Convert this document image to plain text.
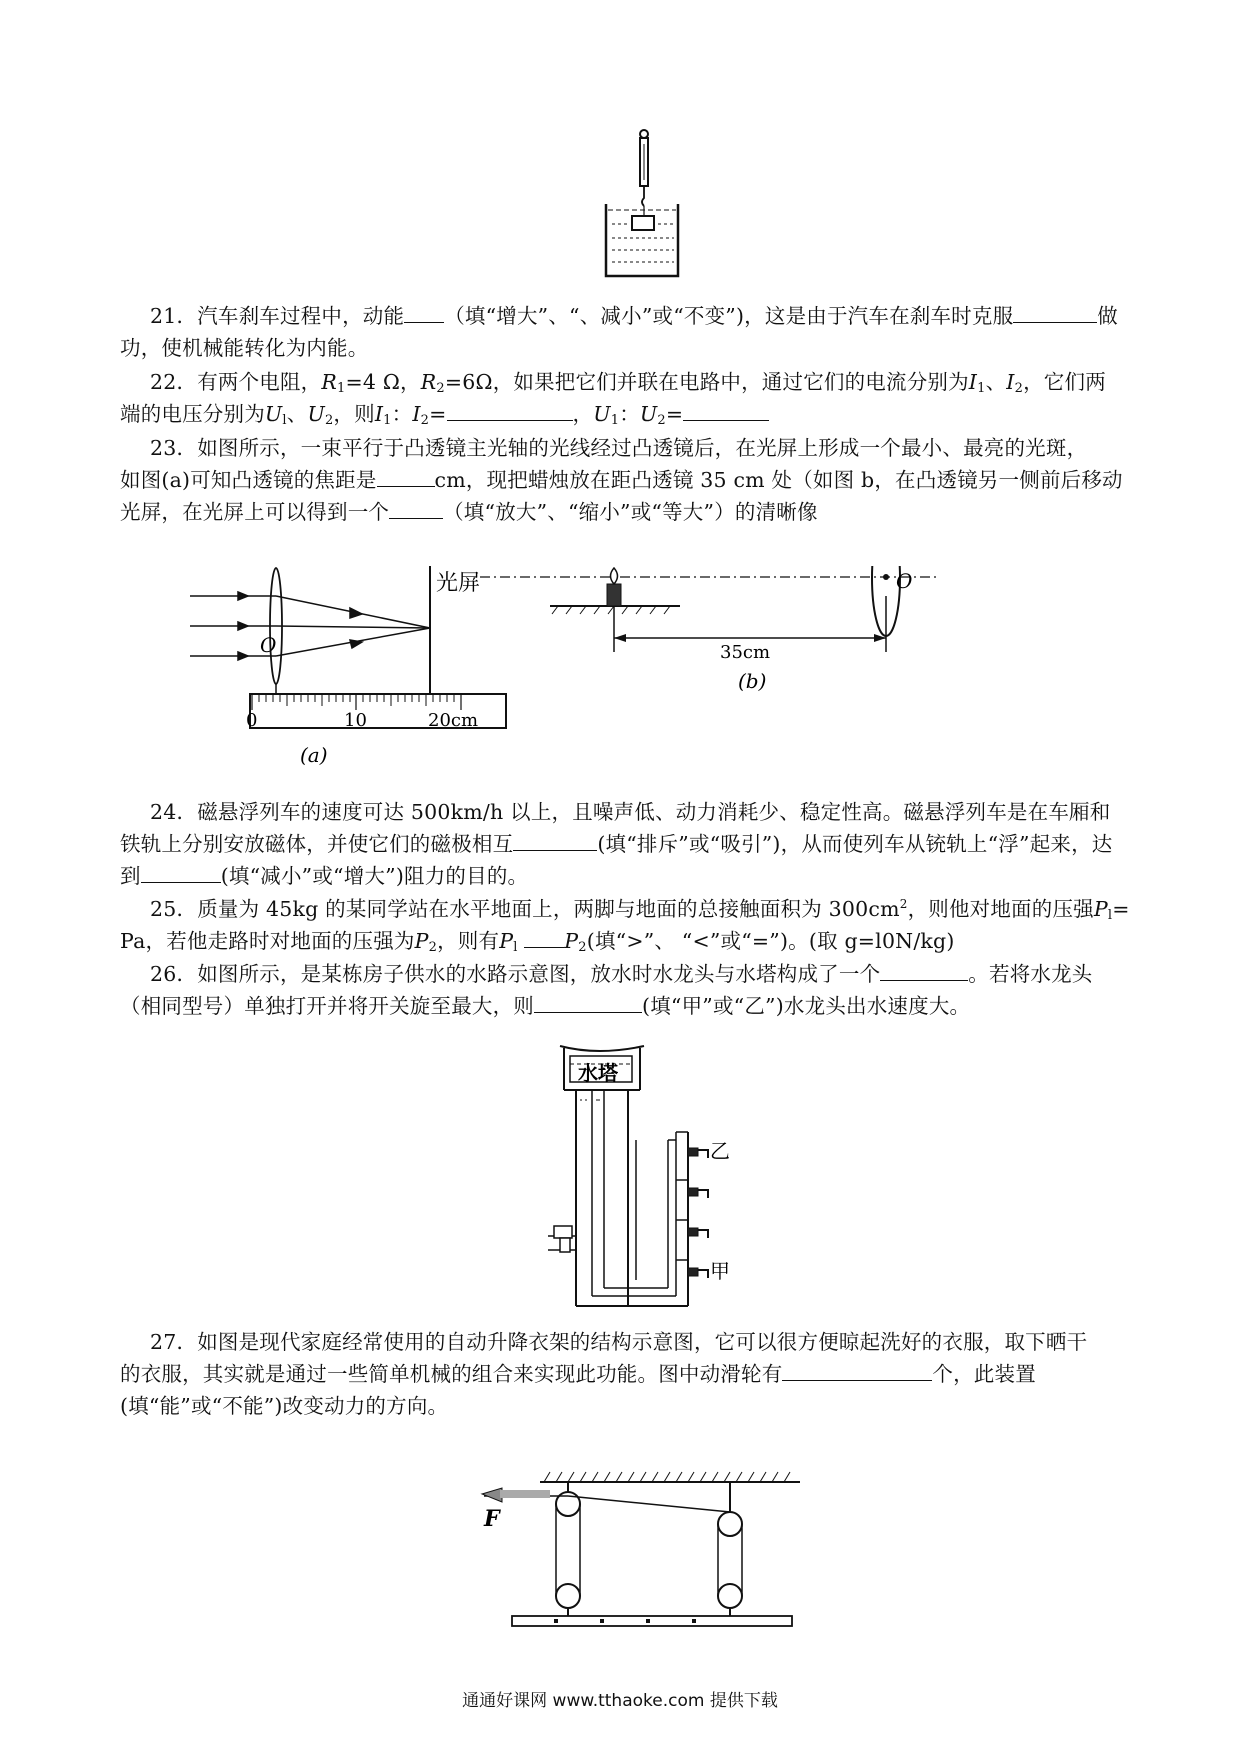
21．汽车刹车过程中，动能 （填“增大”、“、减小”或“不变”)，这是由于汽车在刹车时克服	做
功，使机械能转化为内能。
22．有两个电阻，$R_1=4$ Ω，$R_2=6\Omega$，如果把它们并联在电路中，通过它们的电流分别为$I_1$、$I_2$，它们两
端的电压分别为$U_l$、$U_2$，则$I_1$：$I_2=$	，$U_1$：$U_2=$
23．如图所示，一束平行于凸透镜主光轴的光线经过凸透镜后，在光屏上形成一个最小、最亮的光斑，
如图(a)可知凸透镜的焦距是	cm，现把蜡烛放在距凸透镜 35 cm 处（如图 b，在凸透镜另一侧前后移动
光屏，在光屏上可以得到一个	（填“放大”、“缩小”或“等大”）的清晰像
O
光屏
0	10	20cm
(a)
O
35cm
(b)
24．磁悬浮列车的速度可达 500km/h 以上，且噪声低、动力消耗少、稳定性高。磁悬浮列车是在车厢和
铁轨上分别安放磁体，并使它们的磁极相互	(填“排斥”或“吸引”)，从而使列车从铳轨上“浮”起来，达
到	(填“减小”或“增大”)阻力的目的。
25．质量为 45kg 的某同学站在水平地面上，两脚与地面的总接触面积为 $300cm^2$，则他对地面的压强$P_l=$
Pa，若他走路时对地面的压强为$P_2$，则有$P_l$ $P_2$(填“>”、 “<”或“=”)。(取 g=l0N/kg)
26．如图所示，是某栋房子供水的水路示意图，放水时水龙头与水塔构成了一个	。若将水龙头
（相同型号）单独打开并将开关旋至最大，则	(填“甲”或“乙”)水龙头出水速度大。
水塔
乙
甲
27．如图是现代家庭经常使用的自动升降衣架的结构示意图，它可以很方便晾起洗好的衣服，取下晒干
的衣服，其实就是通过一些简单机械的组合来实现此功能。图中动滑轮有	个，此装置
(填“能”或“不能”)改变动力的方向。
F
通通好课网 www.tthaoke.com 提供下载
